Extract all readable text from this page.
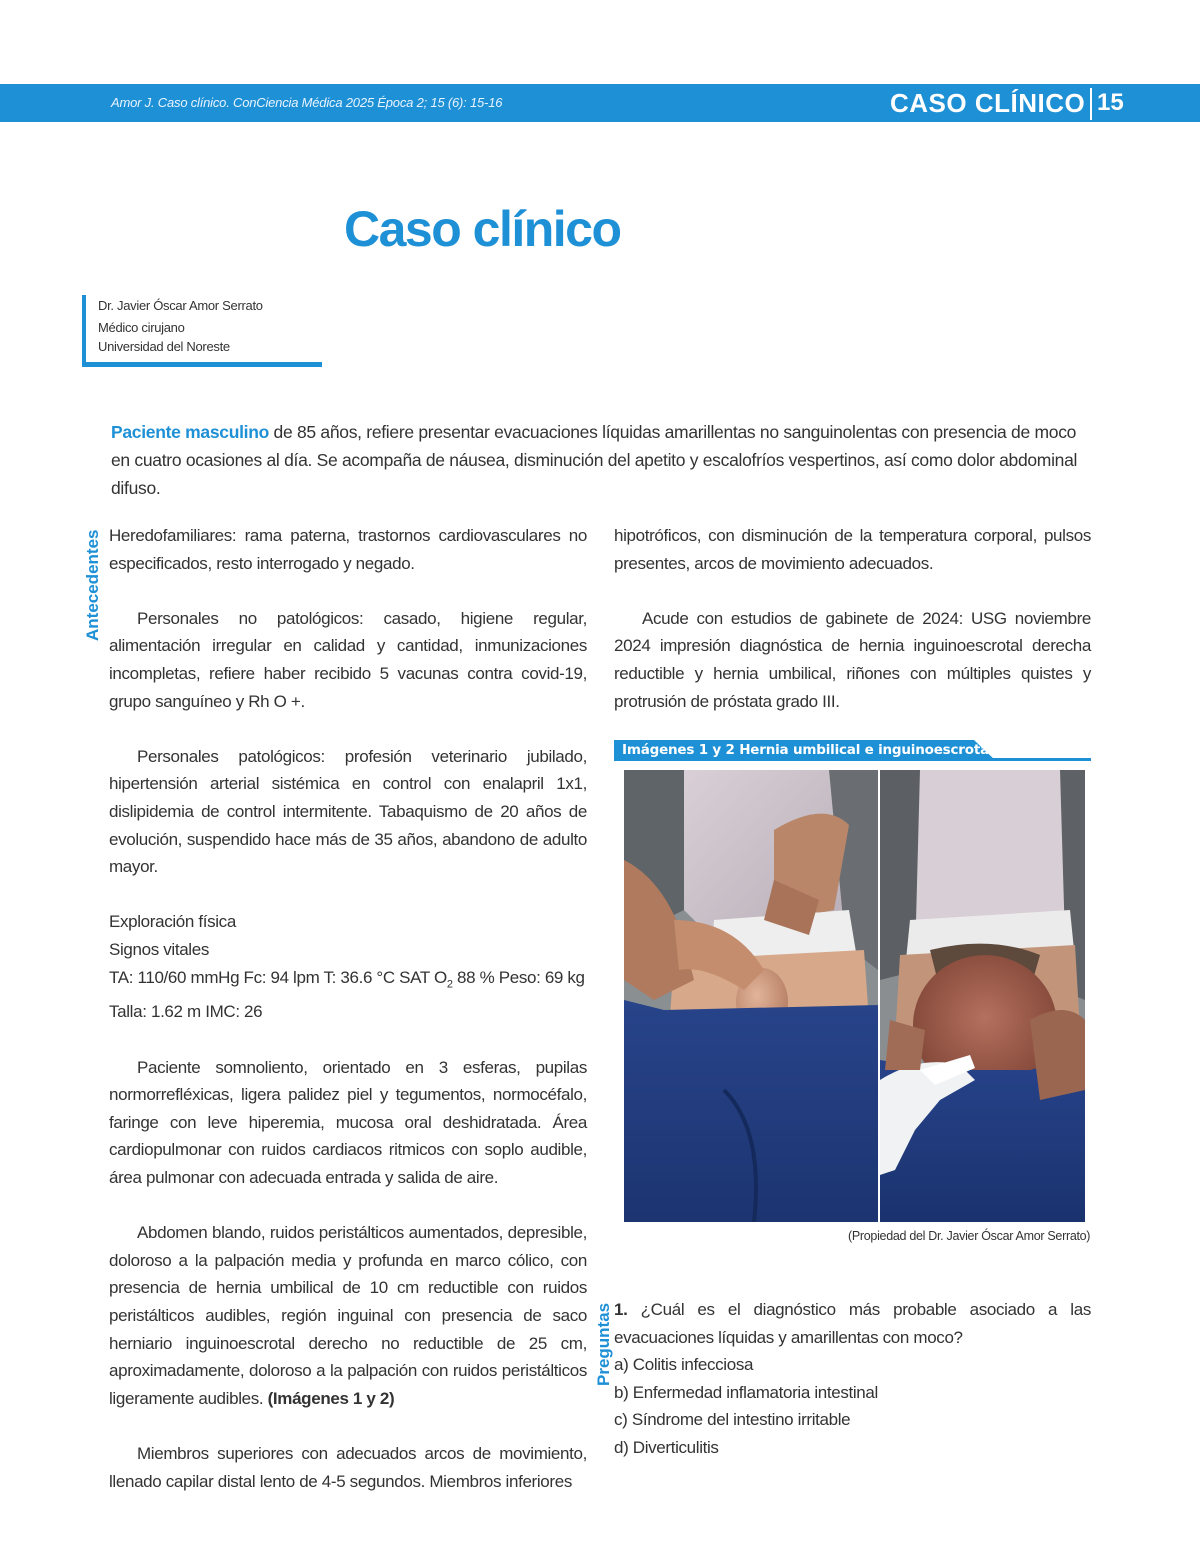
Amor J. Caso clínico. ConCiencia Médica 2025 Época 2; 15 (6): 15-16	CASO CLÍNICO 15
Caso clínico
Dr. Javier Óscar Amor Serrato
Médico cirujano
Universidad del Noreste
Paciente masculino de 85 años, refiere presentar evacuaciones líquidas amarillentas no sanguinolentas con presencia de moco en cuatro ocasiones al día. Se acompaña de náusea, disminución del apetito y escalofríos vespertinos, así como dolor abdominal difuso.
Antecedentes
Preguntas

Heredofamiliares: rama paterna, trastornos cardiovasculares no especificados, resto interrogado y negado.

Personales no patológicos: casado, higiene regular, alimentación irregular en calidad y cantidad, inmunizaciones incompletas, refiere haber recibido 5 vacunas contra covid-19, grupo sanguíneo y Rh O +.

Personales patológicos: profesión veterinario jubilado, hipertensión arterial sistémica en control con enalapril 1x1, dislipidemia de control intermitente. Tabaquismo de 20 años de evolución, suspendido hace más de 35 años, abandono de adulto mayor.

Exploración física
Signos vitales
TA: 110/60 mmHg Fc: 94 lpm T: 36.6 °C SAT $O_2$ 88 % Peso: 69 kg Talla: 1.62 m IMC: 26

Paciente somnoliento, orientado en 3 esferas, pupilas normorrefléxicas, ligera palidez piel y tegumentos, normocéfalo, faringe con leve hiperemia, mucosa oral deshidratada. Área cardiopulmonar con ruidos cardiacos ritmicos con soplo audible, área pulmonar con adecuada entrada y salida de aire.

Abdomen blando, ruidos peristálticos aumentados, depresible, doloroso a la palpación media y profunda en marco cólico, con presencia de hernia umbilical de 10 cm reductible con ruidos peristálticos audibles, región inguinal con presencia de saco herniario inguinoescrotal derecho no reductible de 25 cm, aproximadamente, doloroso a la palpación con ruidos peristálticos ligeramente audibles. (Imágenes 1 y 2)

Miembros superiores con adecuados arcos de movimiento, llenado capilar distal lento de 4-5 segundos. Miembros inferiores

hipotróficos, con disminución de la temperatura corporal, pulsos presentes, arcos de movimiento adecuados.

Acude con estudios de gabinete de 2024: USG noviembre 2024 impresión diagnóstica de hernia inguinoescrotal derecha reductible y hernia umbilical, riñones con múltiples quistes y protrusión de próstata grado III.

Imágenes 1 y 2 Hernia umbilical e inguinoescrotal
(Propiedad del Dr. Javier Óscar Amor Serrato)
1. ¿Cuál es el diagnóstico más probable asociado a las evacuaciones líquidas y amarillentas con moco?
a) Colitis infecciosa
b) Enfermedad inflamatoria intestinal
c) Síndrome del intestino irritable
d) Diverticulitis
